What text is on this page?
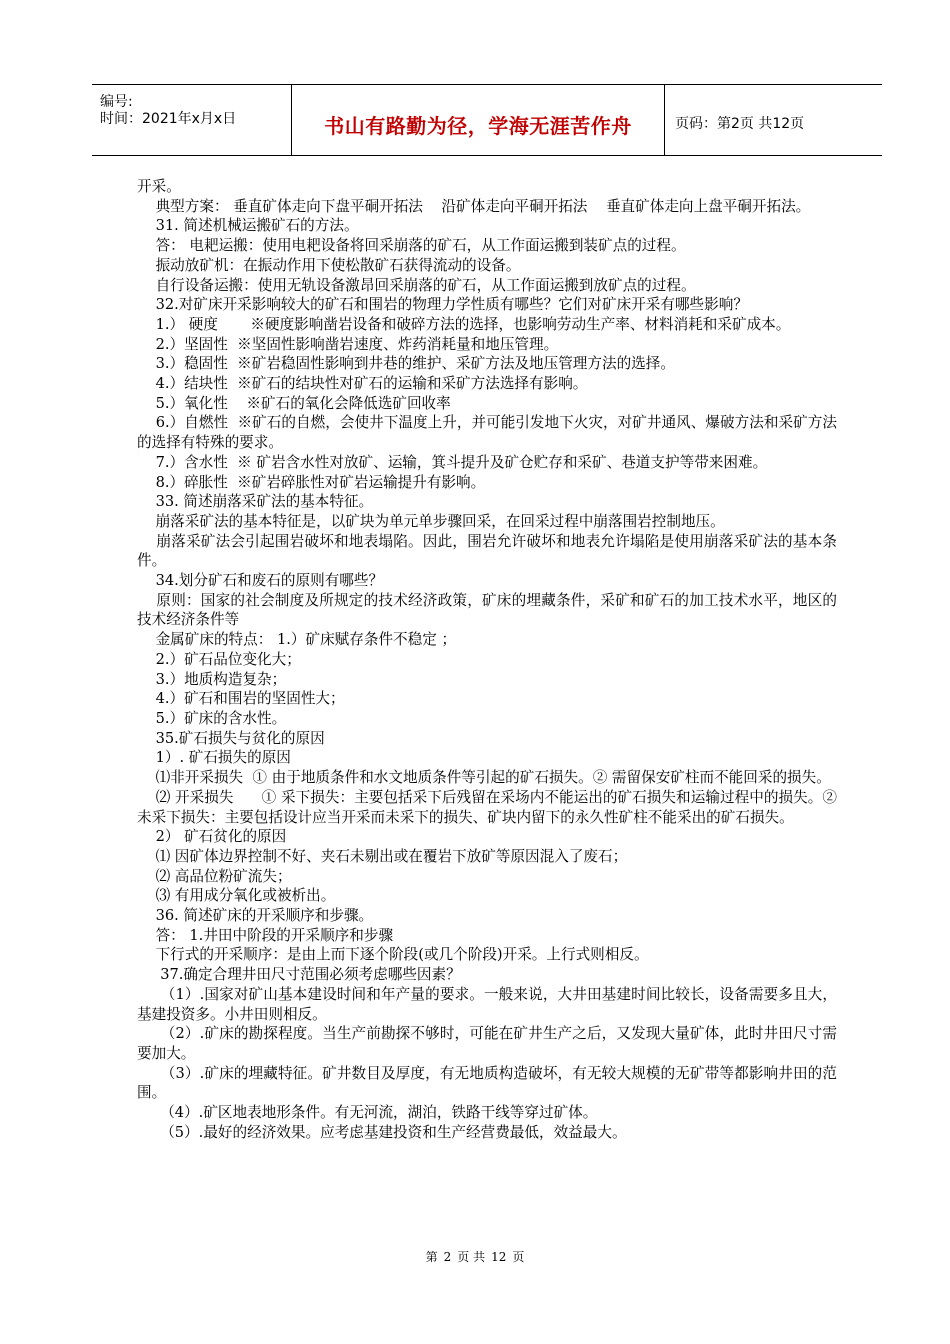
编号:
时间：2021年x月x日	书山有路勤为径，学海无涯苦作舟	页码：第2页 共12页

开采。

典型方案： 垂直矿体走向下盘平硐开拓法    沿矿体走向平硐开拓法    垂直矿体走向上盘平硐开拓法。

31. 简述机械运搬矿石的方法。

答： 电耙运搬：使用电耙设备将回采崩落的矿石，从工作面运搬到装矿点的过程。

振动放矿机：在振动作用下使松散矿石获得流动的设备。

自行设备运搬：使用无轨设备激昂回采崩落的矿石，从工作面运搬到放矿点的过程。

32.对矿床开采影响较大的矿石和围岩的物理力学性质有哪些？它们对矿床开采有哪些影响？

1.） 硬度       ※硬度影响凿岩设备和破碎方法的选择，也影响劳动生产率、材料消耗和采矿成本。

2.）坚固性  ※坚固性影响凿岩速度、炸药消耗量和地压管理。

3.）稳固性  ※矿岩稳固性影响到井巷的维护、采矿方法及地压管理方法的选择。

4.）结块性  ※矿石的结块性对矿石的运输和采矿方法选择有影响。

5.）氧化性    ※矿石的氧化会降低选矿回收率

6.）自燃性  ※矿石的自燃，会使井下温度上升，并可能引发地下火灾，对矿井通风、爆破方法和采矿方法的选择有特殊的要求。

7.）含水性  ※ 矿岩含水性对放矿、运输，箕斗提升及矿仓贮存和采矿、巷道支护等带来困难。

8.）碎胀性  ※矿岩碎胀性对矿岩运输提升有影响。

33. 简述崩落采矿法的基本特征。

崩落采矿法的基本特征是，以矿块为单元单步骤回采，在回采过程中崩落围岩控制地压。

崩落采矿法会引起围岩破坏和地表塌陷。因此，围岩允许破坏和地表允许塌陷是使用崩落采矿法的基本条件。

34.划分矿石和废石的原则有哪些？

原则：国家的社会制度及所规定的技术经济政策，矿床的埋藏条件，采矿和矿石的加工技术水平，地区的技术经济条件等

金属矿床的特点： 1.）矿床赋存条件不稳定 ；

2.）矿石品位变化大；

3.）地质构造复杂；

4.）矿石和围岩的坚固性大；

5.）矿床的含水性。

35.矿石损失与贫化的原因

1）. 矿石损失的原因

⑴非开采损失  ① 由于地质条件和水文地质条件等引起的矿石损失。② 需留保安矿柱而不能回采的损失。

⑵ 开采损失      ① 采下损失：主要包括采下后残留在采场内不能运出的矿石损失和运输过程中的损失。② 未采下损失：主要包括设计应当开采而未采下的损失、矿块内留下的永久性矿柱不能采出的矿石损失。

2） 矿石贫化的原因

⑴ 因矿体边界控制不好、夹石未剔出或在覆岩下放矿等原因混入了废石；

⑵ 高品位粉矿流失；

⑶ 有用成分氧化或被析出。

36. 简述矿床的开采顺序和步骤。

答： 1.井田中阶段的开采顺序和步骤

下行式的开采顺序：是由上而下逐个阶段(或几个阶段)开采。上行式则相反。

37.确定合理井田尺寸范围必须考虑哪些因素？

（1）.国家对矿山基本建设时间和年产量的要求。一般来说，大井田基建时间比较长，设备需要多且大，基建投资多。小井田则相反。

（2）.矿床的勘探程度。当生产前勘探不够时，可能在矿井生产之后，又发现大量矿体，此时井田尺寸需要加大。

（3）.矿床的埋藏特征。矿井数目及厚度，有无地质构造破坏，有无较大规模的无矿带等都影响井田的范围。

（4）.矿区地表地形条件。有无河流，湖泊，铁路干线等穿过矿体。

（5）.最好的经济效果。应考虑基建投资和生产经营费最低，效益最大。

第 2 页 共 12 页
